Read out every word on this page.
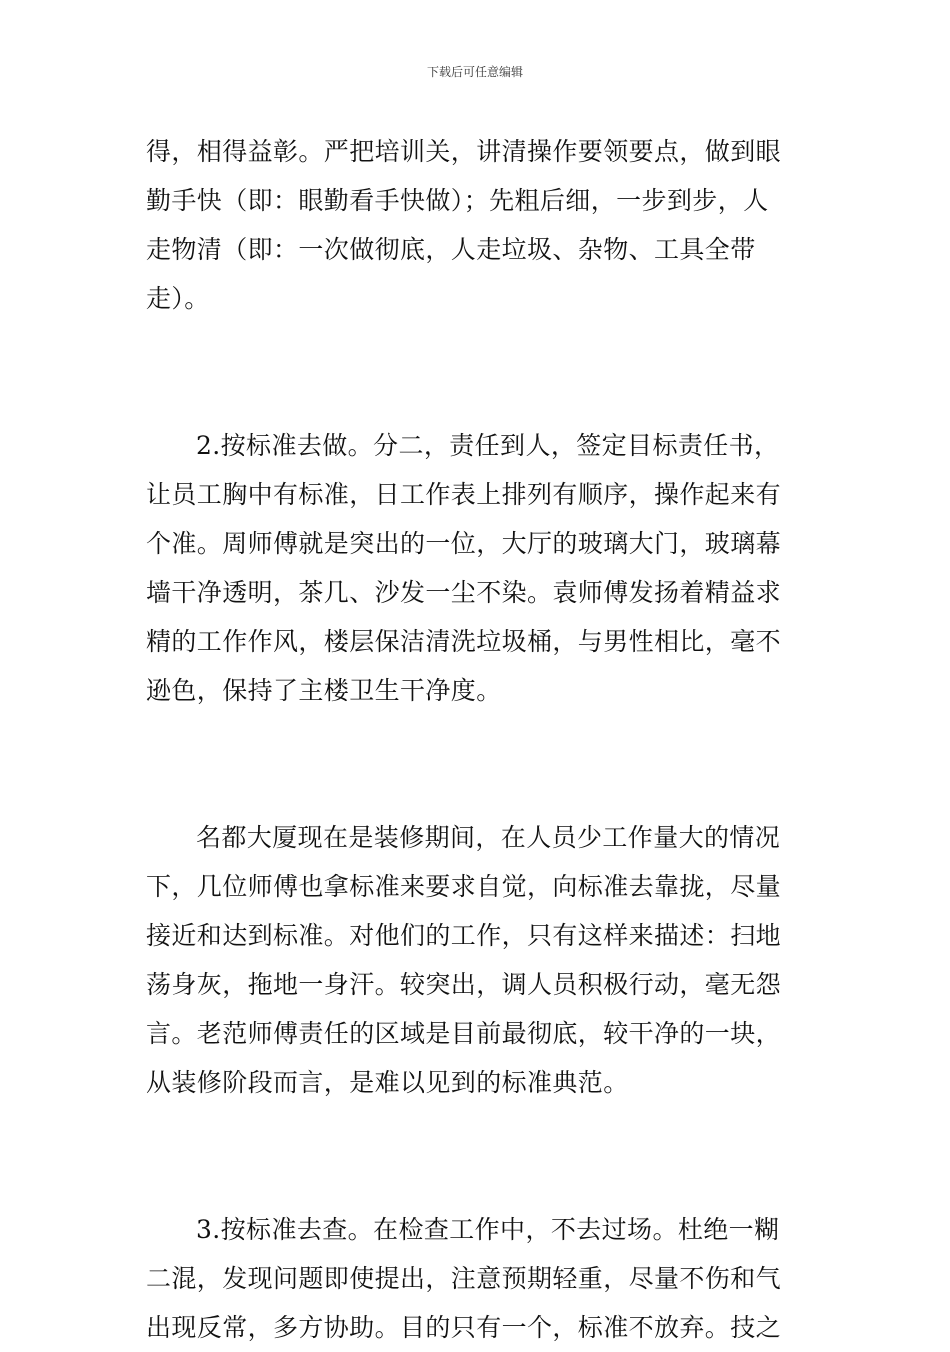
下载后可任意编辑

得，相得益彰。严把培训关，讲清操作要领要点，做到眼
勤手快（即：眼勤看手快做）；先粗后细，一步到步，人
走物清（即：一次做彻底，人走垃圾、杂物、工具全带
走）。

2.按标准去做。分二，责任到人，签定目标责任书，
让员工胸中有标准，日工作表上排列有顺序，操作起来有
个准。周师傅就是突出的一位，大厅的玻璃大门，玻璃幕
墙干净透明，茶几、沙发一尘不染。袁师傅发扬着精益求
精的工作作风，楼层保洁清洗垃圾桶，与男性相比，毫不
逊色，保持了主楼卫生干净度。

名都大厦现在是装修期间，在人员少工作量大的情况
下，几位师傅也拿标准来要求自觉，向标准去靠拢，尽量
接近和达到标准。对他们的工作，只有这样来描述：扫地
荡身灰，拖地一身汗。较突出，调人员积极行动，毫无怨
言。老范师傅责任的区域是目前最彻底，较干净的一块，
从装修阶段而言，是难以见到的标准典范。

3.按标准去查。在检查工作中，不去过场。杜绝一糊
二混，发现问题即使提出，注意预期轻重，尽量不伤和气
出现反常，多方协助。目的只有一个，标准不放弃。技之
